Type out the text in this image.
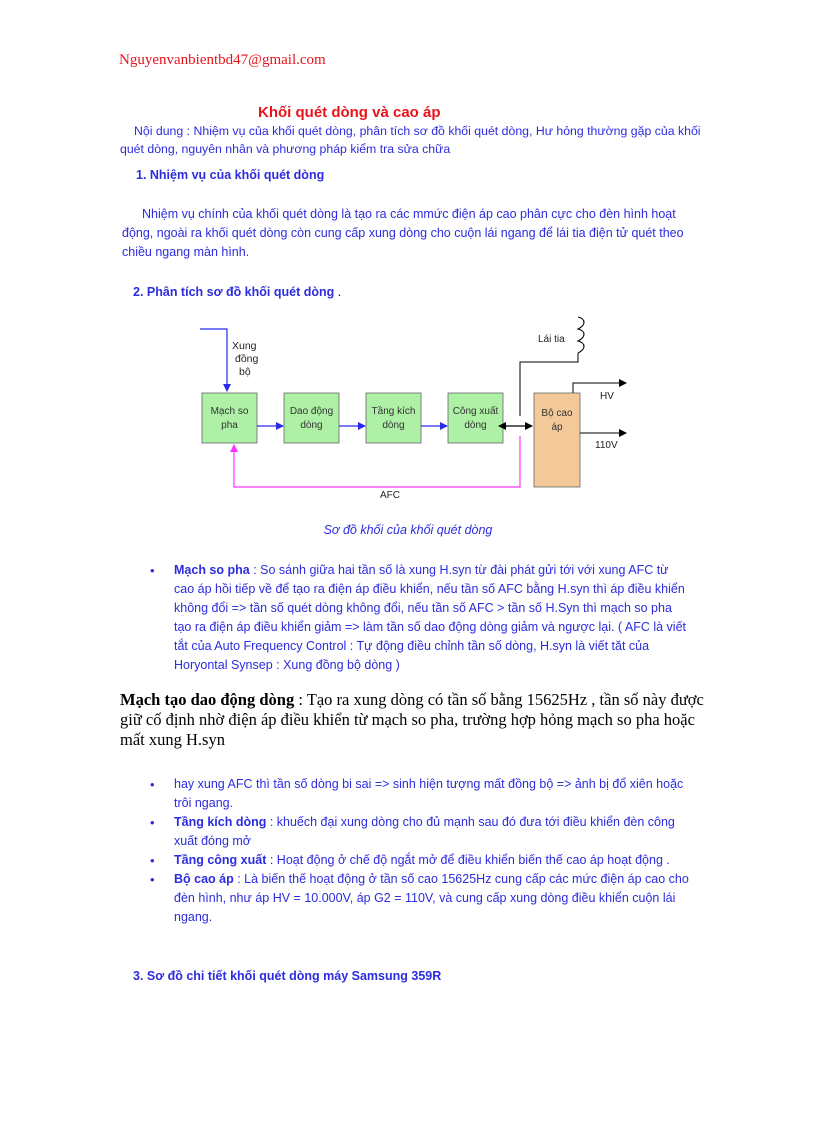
Nguyenvanbientbd47@gmail.com
Khối quét dòng và cao áp
Nội dung : Nhiệm vụ của khối quét dòng, phân tích sơ đồ khối quét dòng, Hư hỏng thường gặp của khối quét dòng, nguyên nhân và phương pháp kiểm tra sửa chữa
1. Nhiệm vụ của khối quét dòng
Nhiệm vụ chính của khối quét dòng là tạo ra các mmức điện áp cao phân cực cho đèn hình hoạt động, ngoài ra khối quét dòng còn cung cấp xung dòng cho cuộn lái ngang để lái tia điện tử quét theo chiều ngang màn hình.
2. Phân tích sơ đồ khối quét dòng .
Xung
đồng
bộ
Mạch so
pha
Dao động
dòng
Tầng kích
dòng
Công xuất
dòng
Bộ cao
áp
Lái tia
HV
110V
AFC
Sơ đồ khối của khối quét dòng
• Mạch so pha : So sánh giữa hai tần số là xung H.syn từ đài phát gửi tới với xung AFC từ cao áp hồi tiếp về để tạo ra điện áp điều khiển, nếu tần số AFC bằng H.syn thì áp điều khiển không đổi => tần số quét dòng không đổi, nếu tần số AFC > tần số H.Syn thì mạch so pha tạo ra điện áp điều khiển giảm => làm tần số dao động dòng giảm và ngược lại. ( AFC là viết tắt của Auto Frequency Control : Tự động điều chỉnh tần số dòng, H.syn là viết tăt của Horyontal Synsep : Xung đồng bộ dòng )
Mạch tạo dao động dòng : Tạo ra xung dòng có tần số bằng 15625Hz , tần số này được giữ cố định nhờ điện áp điều khiển từ mạch so pha, trường hợp hỏng mạch so pha hoặc mất xung H.syn
• hay xung AFC thì tần số dòng bi sai => sinh hiện tượng mất đồng bộ => ảnh bị đổ xiên hoặc trôi ngang.
• Tầng kích dòng : khuếch đại xung dòng cho đủ mạnh sau đó đưa tới điều khiển đèn công xuất đóng mở
• Tầng công xuất : Hoạt động ở chế độ ngắt mở để điều khiển biến thế cao áp hoạt động .
• Bộ cao áp : Là biến thế hoạt động ở tần số cao 15625Hz cung cấp các mức điện áp cao cho đèn hình, như áp HV = 10.000V, áp G2 = 110V, và cung cấp xung dòng điều khiển cuộn lái ngang.
3. Sơ đồ chi tiết khối quét dòng máy Samsung 359R
